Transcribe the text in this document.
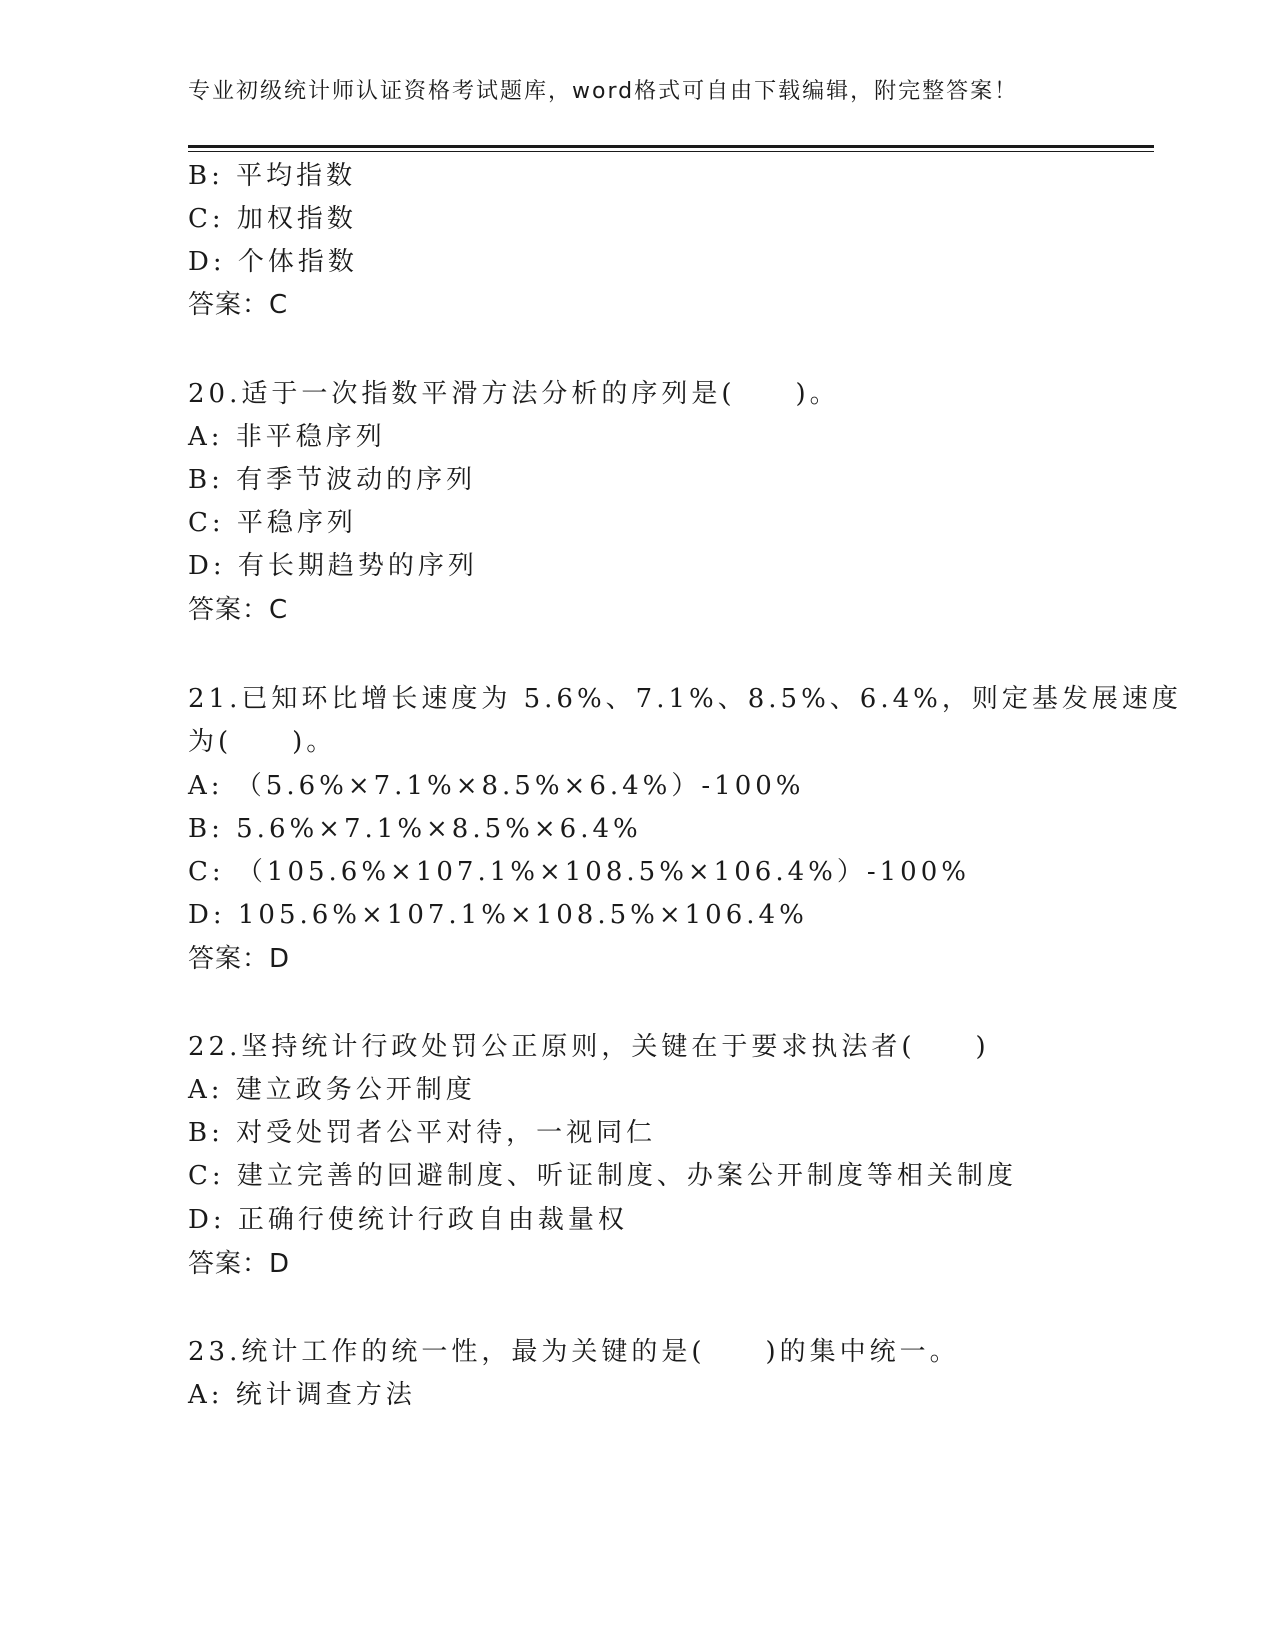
专业初级统计师认证资格考试题库，word格式可自由下载编辑，附完整答案！
B: 平均指数
C: 加权指数
D: 个体指数
答案：C
20.适于一次指数平滑方法分析的序列是(　　)。
A: 非平稳序列
B: 有季节波动的序列
C: 平稳序列
D: 有长期趋势的序列
答案：C
21.已知环比增长速度为 5.6%、7.1%、8.5%、6.4%，则定基发展速度
为(　　)。
A: （5.6%×7.1%×8.5%×6.4%）-100%
B: 5.6%×7.1%×8.5%×6.4%
C: （105.6%×107.1%×108.5%×106.4%）-100%
D: 105.6%×107.1%×108.5%×106.4%
答案：D
22.坚持统计行政处罚公正原则，关键在于要求执法者(　　)
A: 建立政务公开制度
B: 对受处罚者公平对待，一视同仁
C: 建立完善的回避制度、听证制度、办案公开制度等相关制度
D: 正确行使统计行政自由裁量权
答案：D
23.统计工作的统一性，最为关键的是(　　)的集中统一。
A: 统计调查方法
